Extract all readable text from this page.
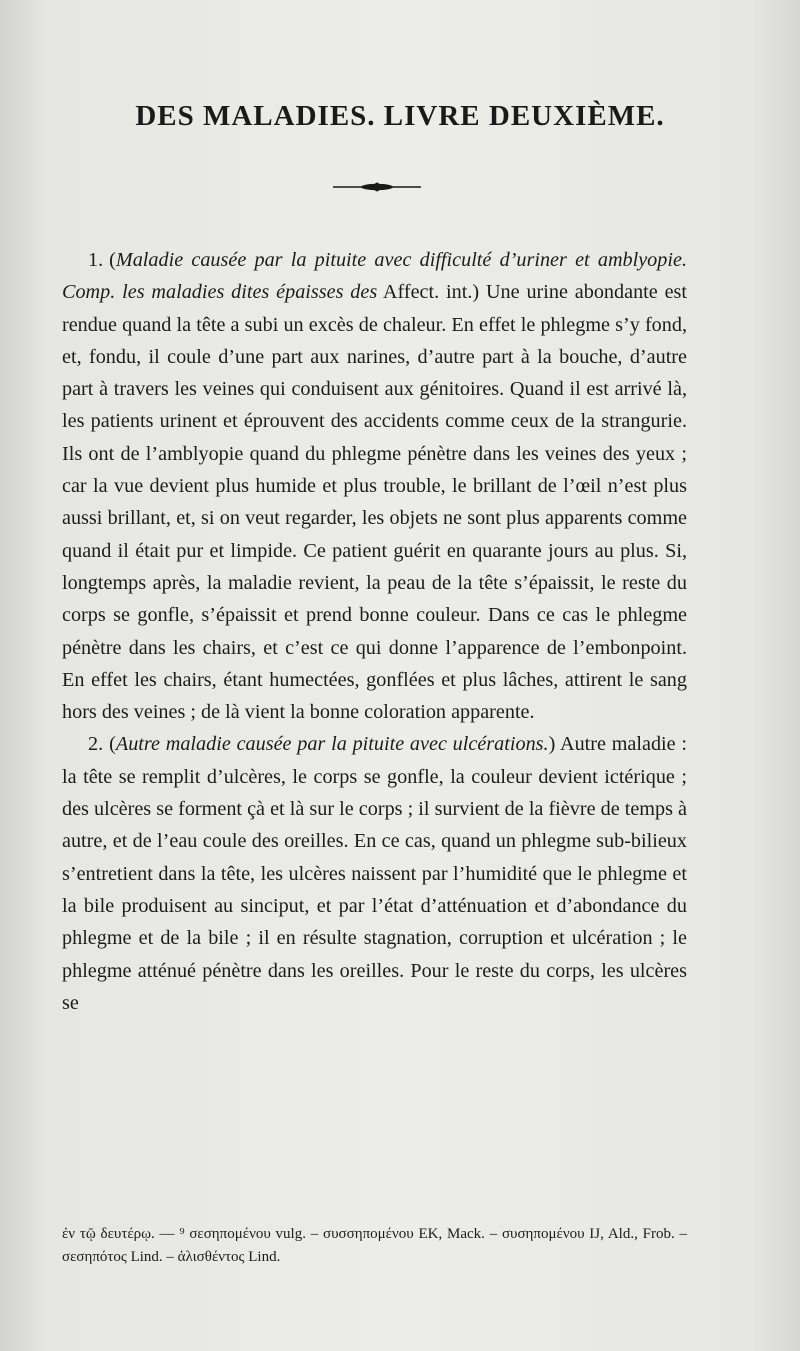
DES MALADIES. LIVRE DEUXIÈME.

1. (Maladie causée par la pituite avec difficulté d’uriner et amblyopie. Comp. les maladies dites épaisses des Affect. int.) Une urine abondante est rendue quand la tête a subi un excès de chaleur. En effet le phlegme s’y fond, et, fondu, il coule d’une part aux narines, d’autre part à la bouche, d’autre part à travers les veines qui conduisent aux génitoires. Quand il est arrivé là, les patients urinent et éprouvent des accidents comme ceux de la strangurie. Ils ont de l’amblyopie quand du phlegme pénètre dans les veines des yeux ; car la vue devient plus humide et plus trouble, le brillant de l’œil n’est plus aussi brillant, et, si on veut regarder, les objets ne sont plus apparents comme quand il était pur et limpide. Ce patient guérit en quarante jours au plus. Si, longtemps après, la maladie revient, la peau de la tête s’épaissit, le reste du corps se gonfle, s’épaissit et prend bonne couleur. Dans ce cas le phlegme pénètre dans les chairs, et c’est ce qui donne l’apparence de l’embonpoint. En effet les chairs, étant humectées, gonflées et plus lâches, attirent le sang hors des veines ; de là vient la bonne coloration apparente.

2. (Autre maladie causée par la pituite avec ulcérations.) Autre maladie : la tête se remplit d’ulcères, le corps se gonfle, la couleur devient ictérique ; des ulcères se forment çà et là sur le corps ; il survient de la fièvre de temps à autre, et de l’eau coule des oreilles. En ce cas, quand un phlegme sub-bilieux s’entretient dans la tête, les ulcères naissent par l’humidité que le phlegme et la bile produisent au sinciput, et par l’état d’atténuation et d’abondance du phlegme et de la bile ; il en résulte stagnation, corruption et ulcération ; le phlegme atténué pénètre dans les oreilles. Pour le reste du corps, les ulcères se

ἐν τῷ δευτέρῳ. — ⁹ σεσηπομένου vulg. – συσσηπομένου EK, Mack. – συσηπομένου IJ, Ald., Frob. – σεσηπότος Lind. – ἀλισθέντος Lind.
